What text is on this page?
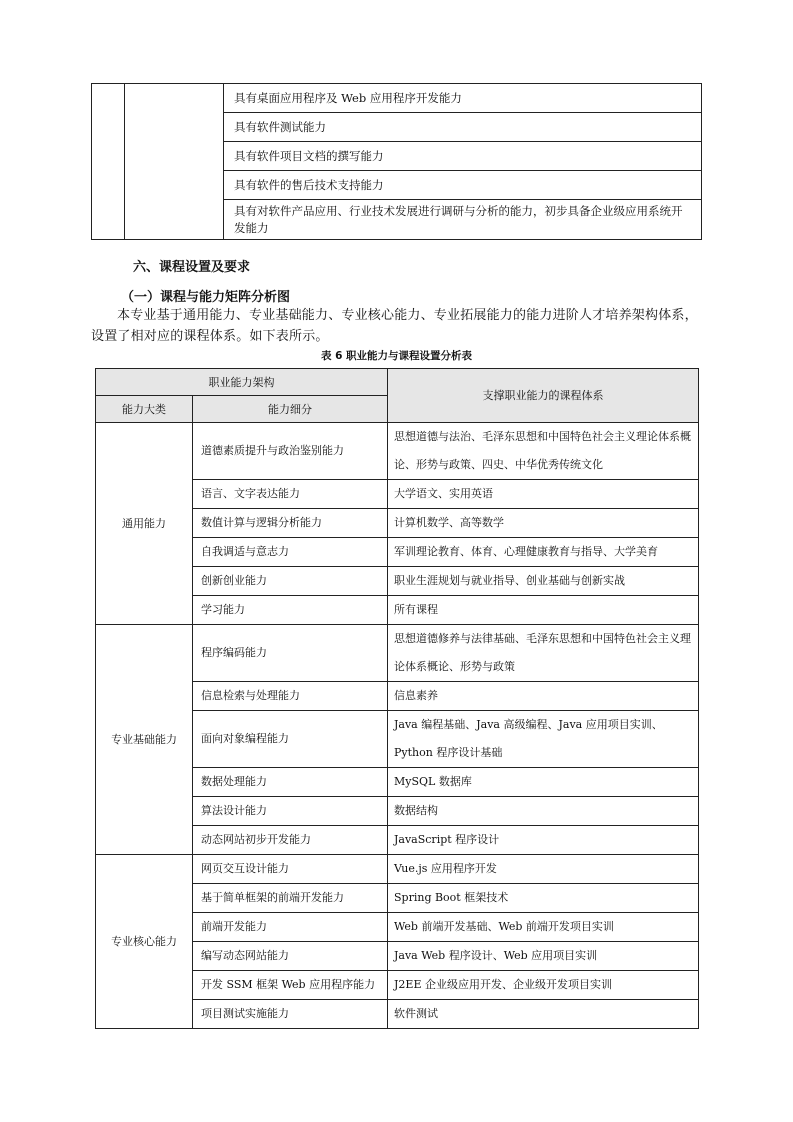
		具有桌面应用程序及 Web 应用程序开发能力
具有软件测试能力
具有软件项目文档的撰写能力
具有软件的售后技术支持能力
具有对软件产品应用、行业技术发展进行调研与分析的能力，初步具备企业级应用系统开发能力
六、课程设置及要求
（一）课程与能力矩阵分析图
本专业基于通用能力、专业基础能力、专业核心能力、专业拓展能力的能力进阶人才培养架构体系，设置了相对应的课程体系。如下表所示。
表 6 职业能力与课程设置分析表
职业能力架构		支撑职业能力的课程体系
能力大类	能力细分	
通用能力	道德素质提升与政治鉴别能力	思想道德与法治、毛泽东思想和中国特色社会主义理论体系概论、形势与政策、四史、中华优秀传统文化
	语言、文字表达能力	大学语文、实用英语
	数值计算与逻辑分析能力	计算机数学、高等数学
	自我调适与意志力	军训理论教育、体育、心理健康教育与指导、大学美育
	创新创业能力	职业生涯规划与就业指导、创业基础与创新实战
	学习能力	所有课程
专业基础能力	程序编码能力	思想道德修养与法律基础、毛泽东思想和中国特色社会主义理论体系概论、形势与政策
	信息检索与处理能力	信息素养
	面向对象编程能力	Java 编程基础、Java 高级编程、Java 应用项目实训、Python 程序设计基础
	数据处理能力	MySQL 数据库
	算法设计能力	数据结构
	动态网站初步开发能力	JavaScript 程序设计
专业核心能力	网页交互设计能力	Vue.js 应用程序开发
	基于简单框架的前端开发能力	Spring Boot 框架技术
	前端开发能力	Web 前端开发基础、Web 前端开发项目实训
	编写动态网站能力	Java Web 程序设计、Web 应用项目实训
	开发 SSM 框架 Web 应用程序能力	J2EE 企业级应用开发、企业级开发项目实训
	项目测试实施能力	软件测试
